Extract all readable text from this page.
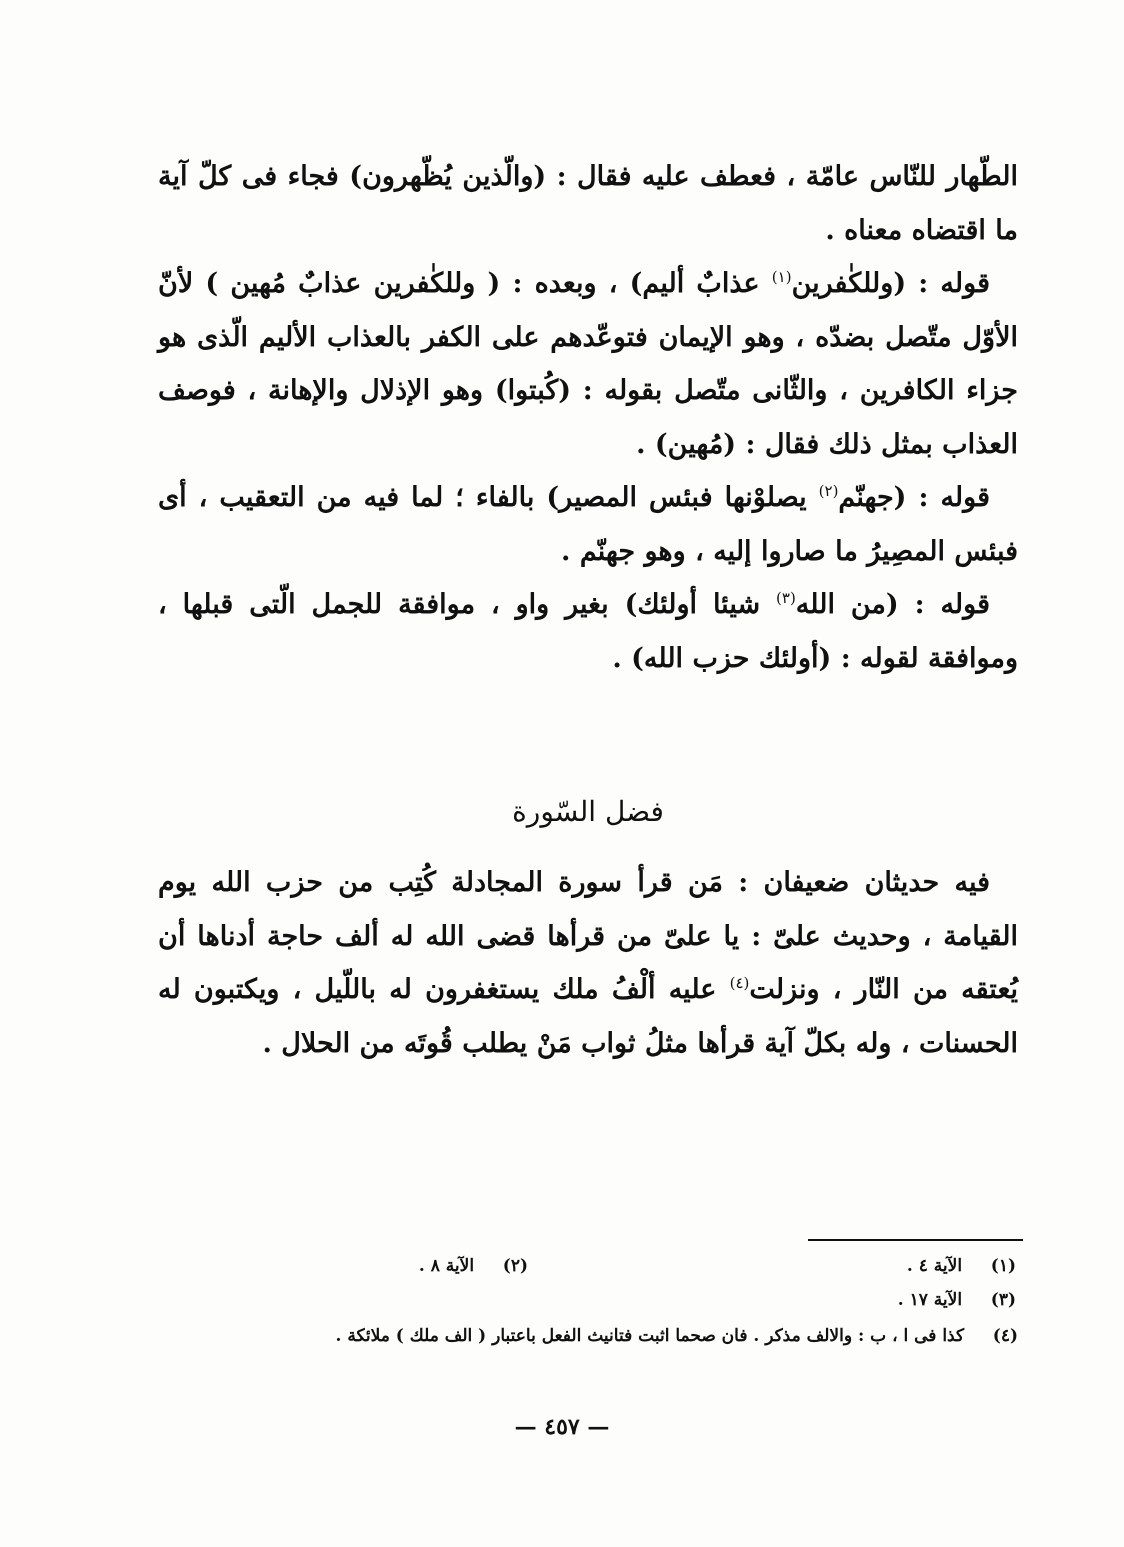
الطّهار للنّاس عامّة ، فعطف عليه فقال : (والّذين يُظّهرون) فجاء فى كلّ آية ما اقتضاه معناه .

قوله : (وللكٰفرين$^{(١)}$ عذابٌ أليم) ، وبعده : ( وللكٰفرين عذابٌ مُهين ) لأنّ الأوّل متّصل بضدّه ، وهو الإيمان فتوعّدهم على الكفر بالعذاب الأليم الّذى هو جزاء الكافرين ، والثّانى متّصل بقوله : (كُبتوا) وهو الإذلال والإهانة ، فوصف العذاب بمثل ذلك فقال : (مُهين) .

قوله : (جهنّم$^{(٢)}$ يصلوْنها فبئس المصير) بالفاء ؛ لما فيه من التعقيب ، أى فبئس المصِيرُ ما صاروا إليه ، وهو جهنّم .

قوله : (من الله$^{(٣)}$ شيئا أولئك) بغير واو ، موافقة للجمل الّتى قبلها ، وموافقة لقوله : (أولئك حزب الله) .

فضل السّورة

فيه حديثان ضعيفان : مَن قرأ سورة المجادلة كُتِب من حزب الله يوم القيامة ، وحديث علىّ : يا علىّ من قرأها قضى الله له ألف حاجة أدناها أن يُعتقه من النّار ، ونزلت$^{(٤)}$ عليه ألْفُ ملك يستغفرون له باللّيل ، ويكتبون له الحسنات ، وله بكلّ آية قرأها مثلُ ثواب مَنْ يطلب قُوتَه من الحلال .

(١) الآية ٤ .
(٢) الآية ٨ .
(٣) الآية ١٧ .
(٤) كذا فى ا ، ب : والالف مذكر . فان صحما اثبت فتانيث الفعل باعتبار ( الف ملك ) ملائكة .
— ٤٥٧ —
